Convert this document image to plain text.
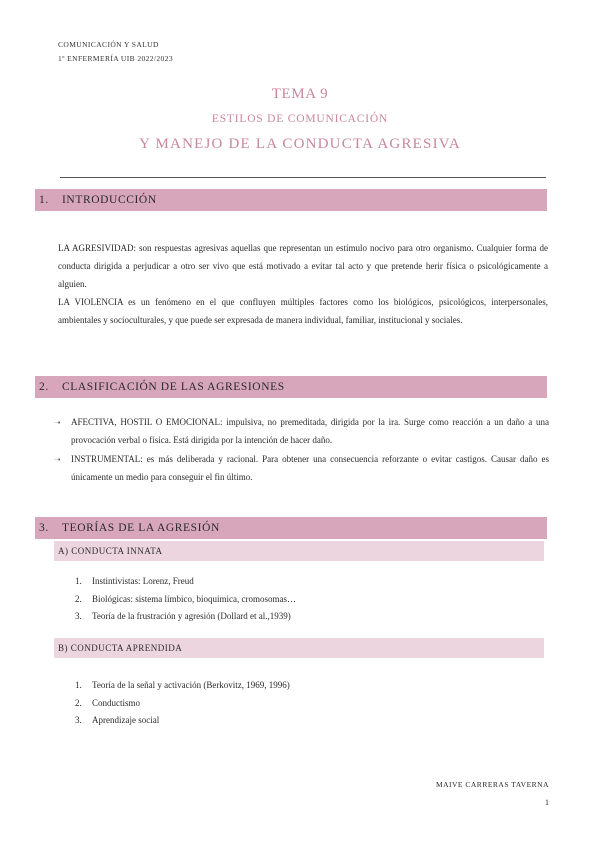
COMUNICACIÓN Y SALUD
1º ENFERMERÍA UIB 2022/2023
TEMA 9
ESTILOS DE COMUNICACIÓN
Y MANEJO DE LA CONDUCTA AGRESIVA
1. INTRODUCCIÓN
LA AGRESIVIDAD: son respuestas agresivas aquellas que representan un estímulo nocivo para otro organismo. Cualquier forma de conducta dirigida a perjudicar a otro ser vivo que está motivado a evitar tal acto y que pretende herir física o psicológicamente a alguien.
LA VIOLENCIA es un fenómeno en el que confluyen múltiples factores como los biológicos, psicológicos, interpersonales, ambientales y socioculturales, y que puede ser expresada de manera individual, familiar, institucional y sociales.
2. CLASIFICACIÓN DE LAS AGRESIONES
➝ AFECTIVA, HOSTIL O EMOCIONAL: impulsiva, no premeditada, dirigida por la ira. Surge como reacción a un daño a una provocación verbal o física. Está dirigida por la intención de hacer daño.
➝ INSTRUMENTAL: es más deliberada y racional. Para obtener una consecuencia reforzante o evitar castigos. Causar daño es únicamente un medio para conseguir el fin último.
3. TEORÍAS DE LA AGRESIÓN
A) CONDUCTA INNATA
1. Instintivistas: Lorenz, Freud
2. Biológicas: sistema límbico, bioquímica, cromosomas…
3. Teoría de la frustración y agresión (Dollard et al.,1939)
B) CONDUCTA APRENDIDA
1. Teoría de la señal y activación (Berkovitz, 1969, 1996)
2. Conductismo
3. Aprendizaje social
MAIVE CARRERAS TAVERNA
1
